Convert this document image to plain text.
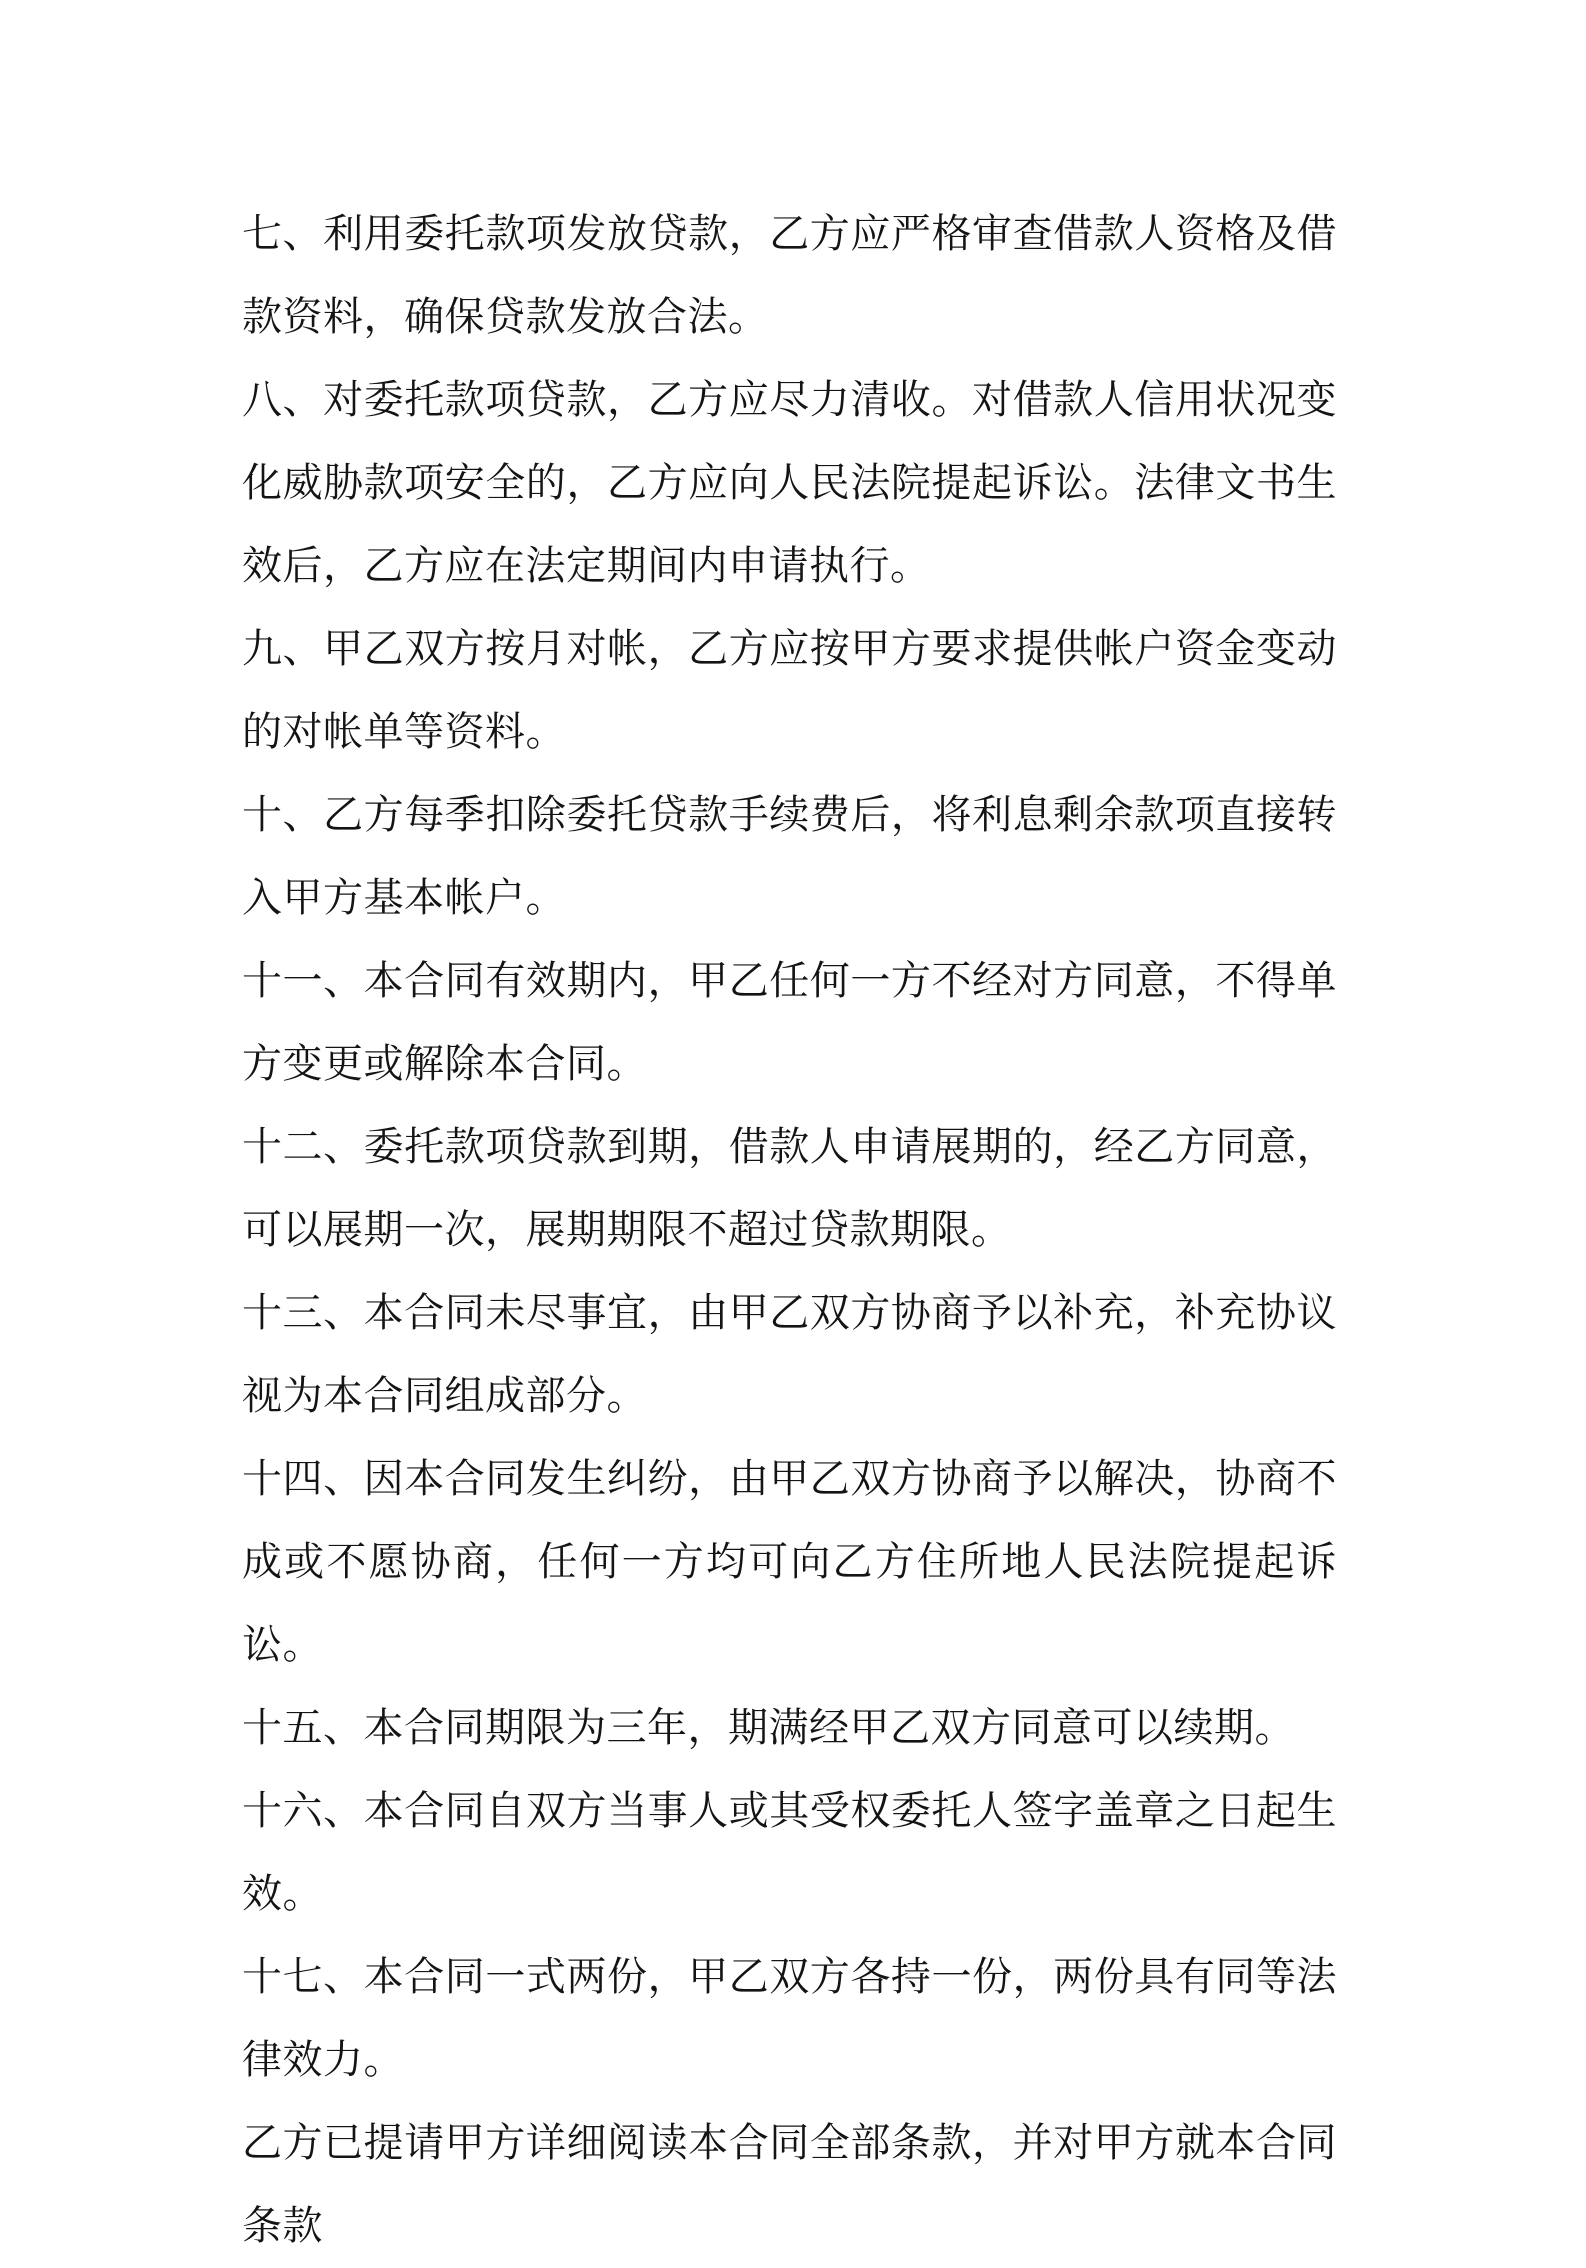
七、利用委托款项发放贷款，乙方应严格审查借款人资格及借款资料，确保贷款发放合法。

八、对委托款项贷款，乙方应尽力清收。对借款人信用状况变化威胁款项安全的，乙方应向人民法院提起诉讼。法律文书生效后，乙方应在法定期间内申请执行。

九、甲乙双方按月对帐，乙方应按甲方要求提供帐户资金变动的对帐单等资料。

十、乙方每季扣除委托贷款手续费后，将利息剩余款项直接转入甲方基本帐户。

十一、本合同有效期内，甲乙任何一方不经对方同意，不得单方变更或解除本合同。

十二、委托款项贷款到期，借款人申请展期的，经乙方同意，可以展期一次，展期期限不超过贷款期限。

十三、本合同未尽事宜，由甲乙双方协商予以补充，补充协议视为本合同组成部分。

十四、因本合同发生纠纷，由甲乙双方协商予以解决，协商不成或不愿协商，任何一方均可向乙方住所地人民法院提起诉讼。

十五、本合同期限为三年，期满经甲乙双方同意可以续期。

十六、本合同自双方当事人或其受权委托人签字盖章之日起生效。

十七、本合同一式两份，甲乙双方各持一份，两份具有同等法律效力。

乙方已提请甲方详细阅读本合同全部条款，并对甲方就本合同条款
